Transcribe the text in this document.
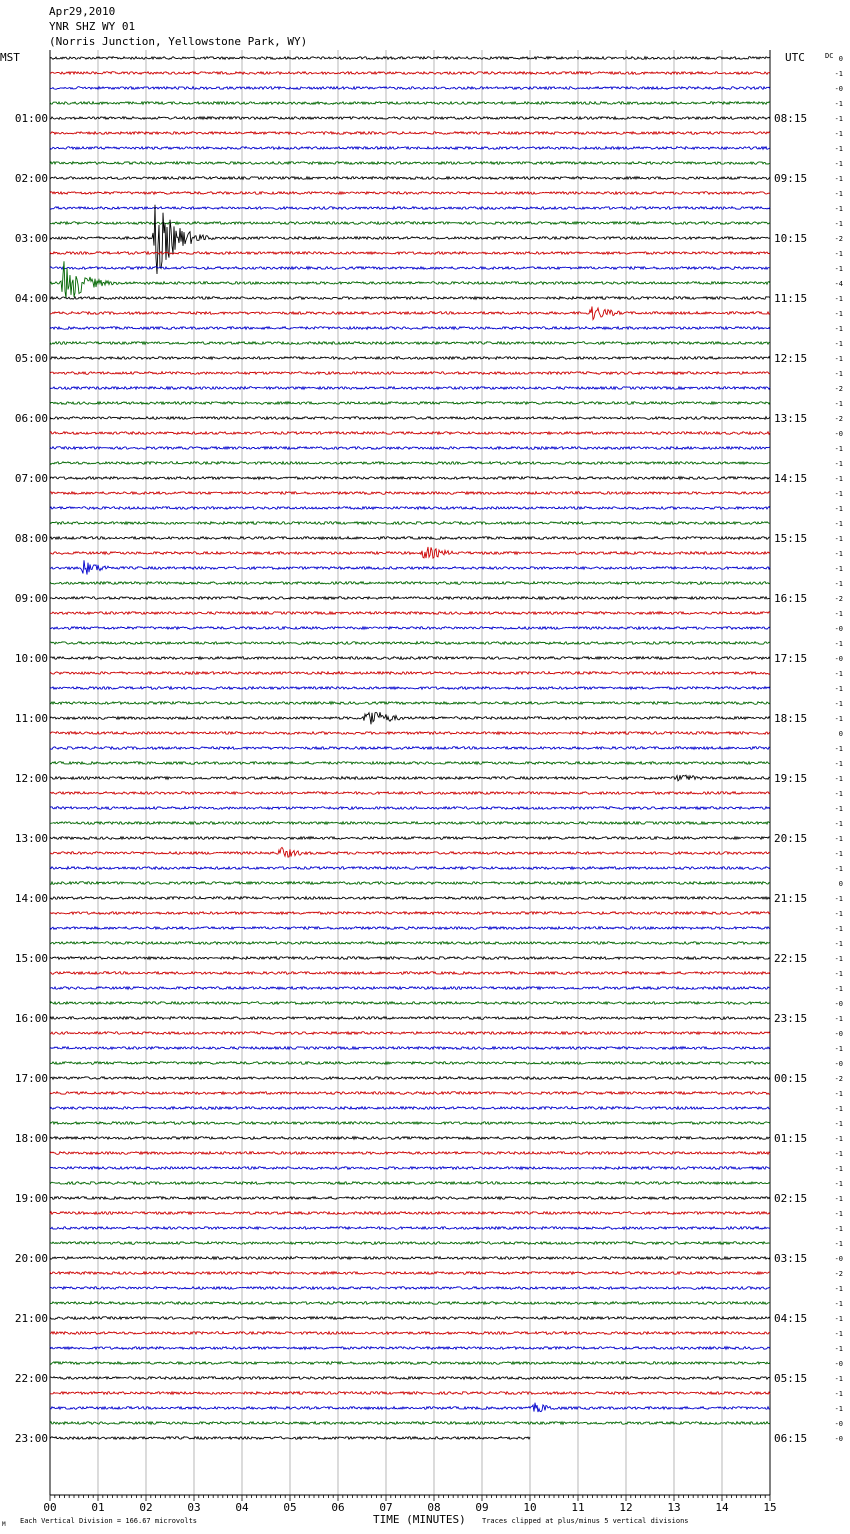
Apr29,2010
YNR SHZ WY 01
(Norris Junction, Yellowstone Park, WY)
01:00
02:00
03:00
04:00
05:00
06:00
07:00
08:00
09:00
10:00
11:00
12:00
13:00
14:00
15:00
16:00
17:00
18:00
19:00
20:00
21:00
22:00
23:00
08:15
09:15
10:15
11:15
12:15
13:15
14:15
15:15
16:15
17:15
18:15
19:15
20:15
21:15
22:15
23:15
00:15
01:15
02:15
03:15
04:15
05:15
06:15
0
-1
-0
-1
-1
-1
-1
-1
-1
-1
-1
-1
-2
-1
-1
-4
-1
-1
-1
-1
-1
-1
-2
-1
-2
-0
-1
-1
-1
-1
-1
-1
-1
-1
-1
-1
-2
-1
-0
-1
-0
-1
-1
-1
-1
0
-1
-1
-1
-1
-1
-1
-1
-1
-1
0
-1
-1
-1
-1
-1
-1
-1
-0
-1
-0
-1
-0
-2
-1
-1
-1
-1
-1
-1
-1
-1
-1
-1
-1
-0
-2
-1
-1
-1
-1
-1
-0
-1
-1
-1
-0
-0
00	01	02	03	04	05	06	07	08	09	10	11	12	13	14	15
MST	UTC	DC
TIME (MINUTES)
Each Vertical Division = 166.67 microvolts	Traces clipped at plus/minus 5 vertical divisions
M
